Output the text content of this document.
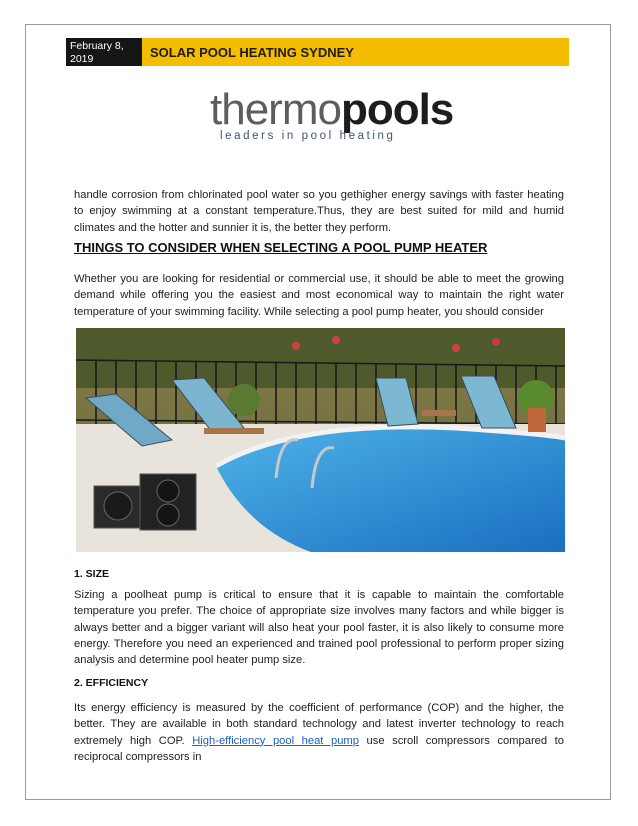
February 8, 2019	SOLAR POOL HEATING SYDNEY
thermopools
leaders in pool heating

handle corrosion from chlorinated pool water so you gethigher energy savings with faster heating to enjoy swimming at a constant temperature.Thus, they are best suited for mild and humid climates and the hotter and sunnier it is, the better they perform.

THINGS TO CONSIDER WHEN SELECTING A POOL PUMP HEATER

Whether you are looking for residential or commercial use, it should be able to meet the growing demand while offering you the easiest and most economical way to maintain the right water temperature of your swimming facility. While selecting a pool pump heater, you should consider

1. SIZE

Sizing a poolheat pump is critical to ensure that it is capable to maintain the comfortable temperature you prefer. The choice of appropriate size involves many factors and while bigger is always better and a bigger variant will also heat your pool faster, it is also likely to consume more energy. Therefore you need an experienced and trained pool professional to perform proper sizing analysis and determine pool heater pump size.

2. EFFICIENCY

Its energy efficiency is measured by the coefficient of performance (COP) and the higher, the better. They are available in both standard technology and latest inverter technology to reach extremely high COP. High-efficiency pool heat pump use scroll compressors compared to reciprocal compressors in
